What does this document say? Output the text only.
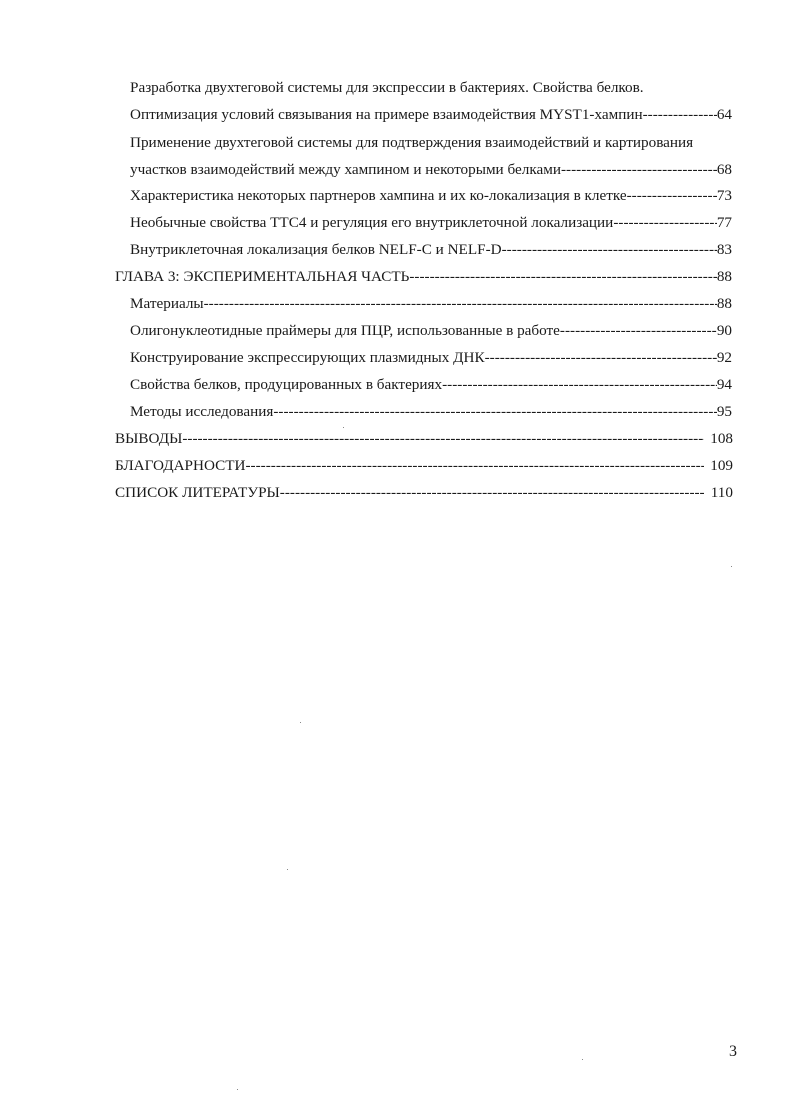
Разработка двухтеговой системы для экспрессии в бактериях. Свойства белков.
Оптимизация условий связывания на примере взаимодействия MYST1-хампин -----	64
Применение двухтеговой системы для подтверждения взаимодействий и картирования
участков взаимодействий между хампином и некоторыми белками -----	68
Характеристика некоторых партнеров хампина и их ко-локализация в клетке -----	73
Необычные свойства ТТС4 и регуляция его внутриклеточной локализации -----	77
Внутриклеточная локализация белков NELF-C и NELF-D -----	83
ГЛАВА 3: ЭКСПЕРИМЕНТАЛЬНАЯ ЧАСТЬ -----	88
Материалы -----	88
Олигонуклеотидные праймеры для ПЦР, использованные в работе -----	90
Конструирование экспрессирующих плазмидных ДНК -----	92
Свойства белков, продуцированных в бактериях -----	94
Методы исследования -----	95
ВЫВОДЫ -----	108
БЛАГОДАРНОСТИ -----	109
СПИСОК ЛИТЕРАТУРЫ -----	110
3
